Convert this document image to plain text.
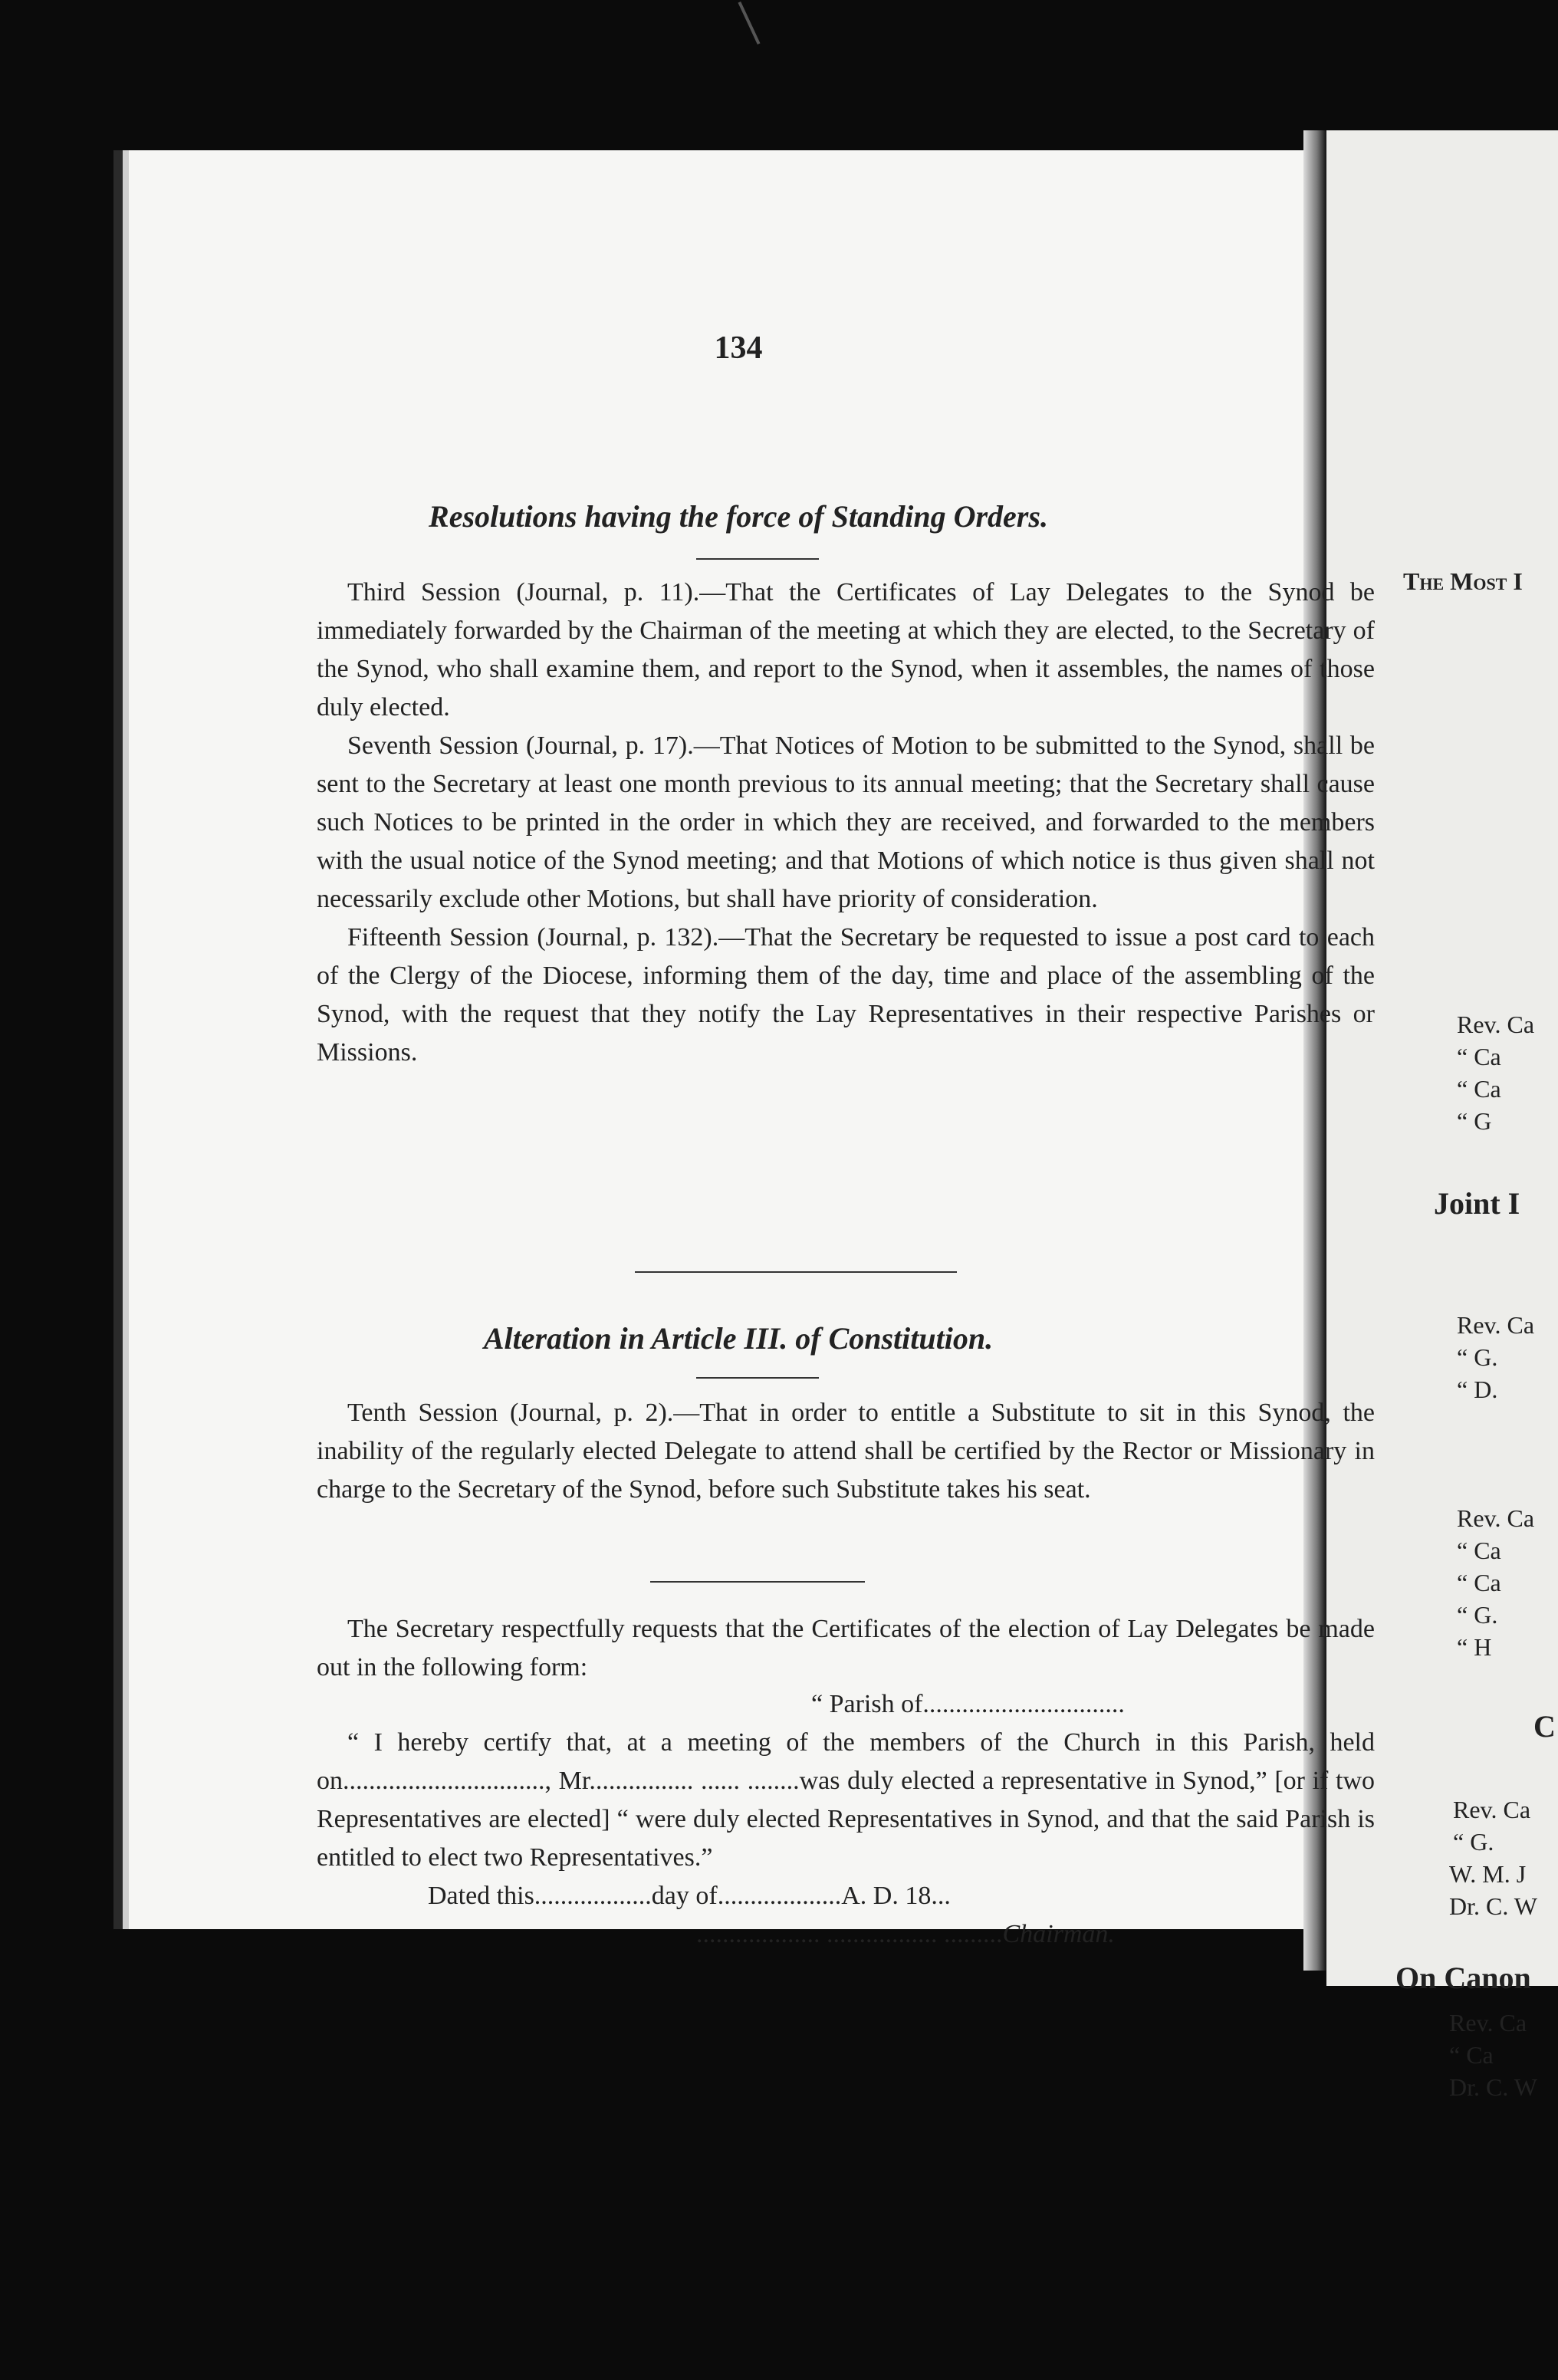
134
Resolutions having the force of Standing Orders.

Third Session (Journal, p. 11).—That the Certificates of Lay Delegates to the Synod be immediately forwarded by the Chairman of the meeting at which they are elected, to the Secretary of the Synod, who shall examine them, and report to the Synod, when it assembles, the names of those duly elected.

Seventh Session (Journal, p. 17).—That Notices of Motion to be submitted to the Synod, shall be sent to the Secretary at least one month previous to its annual meeting; that the Secretary shall cause such Notices to be printed in the order in which they are received, and forwarded to the members with the usual notice of the Synod meeting; and that Motions of which notice is thus given shall not necessarily exclude other Motions, but shall have priority of consideration.

Fifteenth Session (Journal, p. 132).—That the Secretary be requested to issue a post card to each of the Clergy of the Diocese, informing them of the day, time and place of the assembling of the Synod, with the request that they notify the Lay Representatives in their respective Parishes or Missions.

Alteration in Article III. of Constitution.

Tenth Session (Journal, p. 2).—That in order to entitle a Substitute to sit in this Synod, the inability of the regularly elected Delegate to attend shall be certified by the Rector or Missionary in charge to the Secretary of the Synod, before such Substitute takes his seat.

The Secretary respectfully requests that the Certificates of the election of Lay Delegates be made out in the following form:

“ Parish of...............................

“ I hereby certify that, at a meeting of the members of the Church in this Parish, held on..............................., Mr................ ...... ........was duly elected a representative in Synod,” [or if two Representatives are elected] “ were duly elected Representatives in Synod, and that the said Parish is entitled to elect two Representatives.”

Dated this..................day of...................A. D. 18...
................... ................. .........Chairman.
The Most I
Rev. Ca
“ Ca
“ Ca
“ G
Joint I
Rev. Ca
“ G.
“ D.
Rev. Ca
“ Ca
“ Ca
“ G.
“ H
C
Rev. Ca
“ G.
W. M. J
Dr. C. W
On Canon
Rev. Ca
“ Ca
Dr. C. W
